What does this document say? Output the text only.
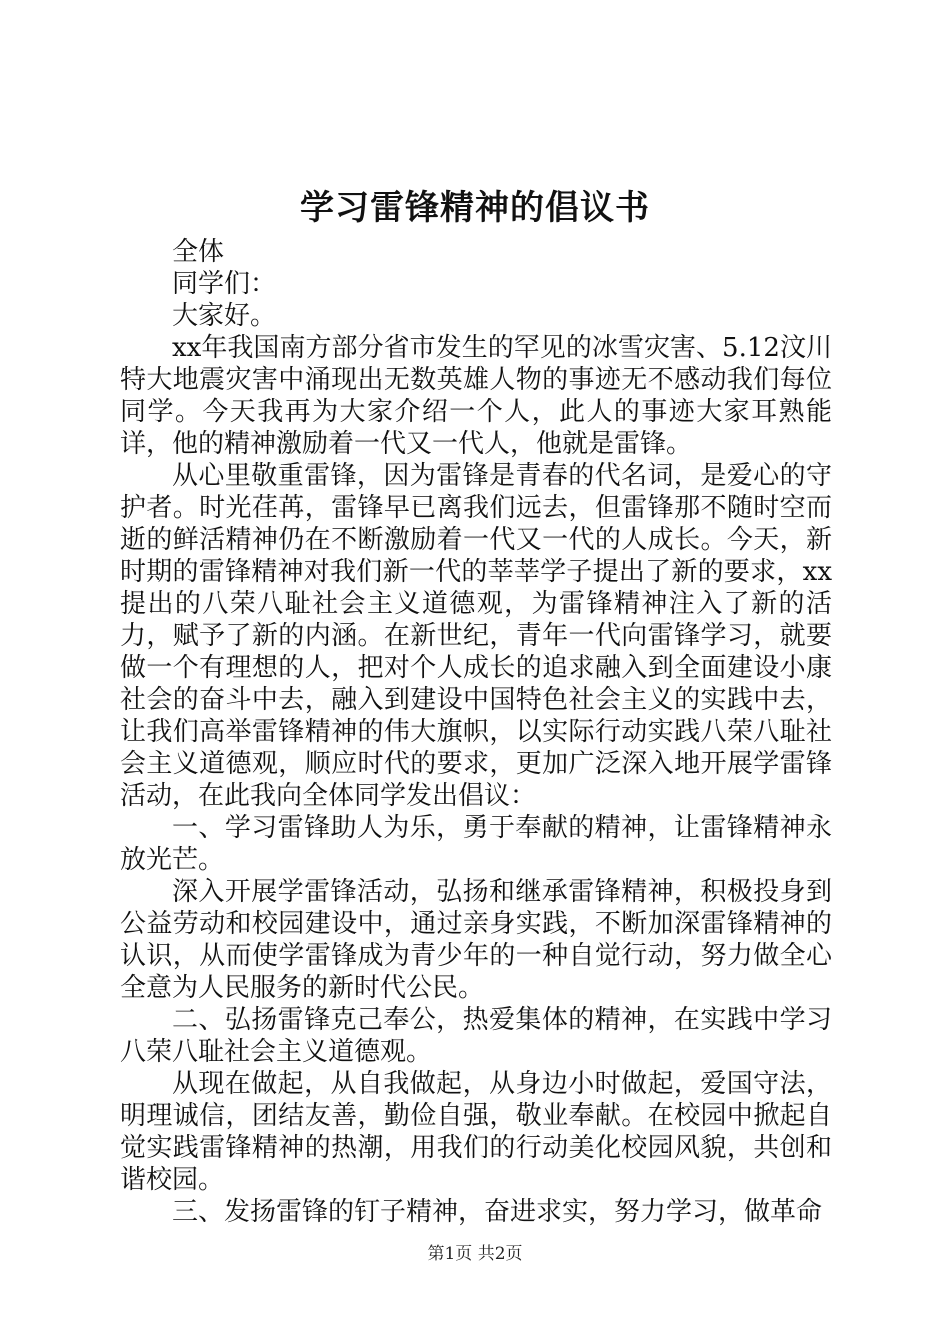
学习雷锋精神的倡议书

全体

同学们：

大家好。

xx年我国南方部分省市发生的罕见的冰雪灾害、5.12汶川特大地震灾害中涌现出无数英雄人物的事迹无不感动我们每位同学。今天我再为大家介绍一个人，此人的事迹大家耳熟能详，他的精神激励着一代又一代人，他就是雷锋。

从心里敬重雷锋，因为雷锋是青春的代名词，是爱心的守护者。时光荏苒，雷锋早已离我们远去，但雷锋那不随时空而逝的鲜活精神仍在不断激励着一代又一代的人成长。今天，新时期的雷锋精神对我们新一代的莘莘学子提出了新的要求，xx提出的八荣八耻社会主义道德观，为雷锋精神注入了新的活力，赋予了新的内涵。在新世纪，青年一代向雷锋学习，就要做一个有理想的人，把对个人成长的追求融入到全面建设小康社会的奋斗中去，融入到建设中国特色社会主义的实践中去，让我们高举雷锋精神的伟大旗帜，以实际行动实践八荣八耻社会主义道德观，顺应时代的要求，更加广泛深入地开展学雷锋活动，在此我向全体同学发出倡议：

一、学习雷锋助人为乐，勇于奉献的精神，让雷锋精神永放光芒。

深入开展学雷锋活动，弘扬和继承雷锋精神，积极投身到公益劳动和校园建设中，通过亲身实践，不断加深雷锋精神的认识，从而使学雷锋成为青少年的一种自觉行动，努力做全心全意为人民服务的新时代公民。

二、弘扬雷锋克己奉公，热爱集体的精神，在实践中学习八荣八耻社会主义道德观。

从现在做起，从自我做起，从身边小时做起，爱国守法，明理诚信，团结友善，勤俭自强，敬业奉献。在校园中掀起自觉实践雷锋精神的热潮，用我们的行动美化校园风貌，共创和谐校园。

三、发扬雷锋的钉子精神，奋进求实，努力学习，做革命

第1页 共2页
